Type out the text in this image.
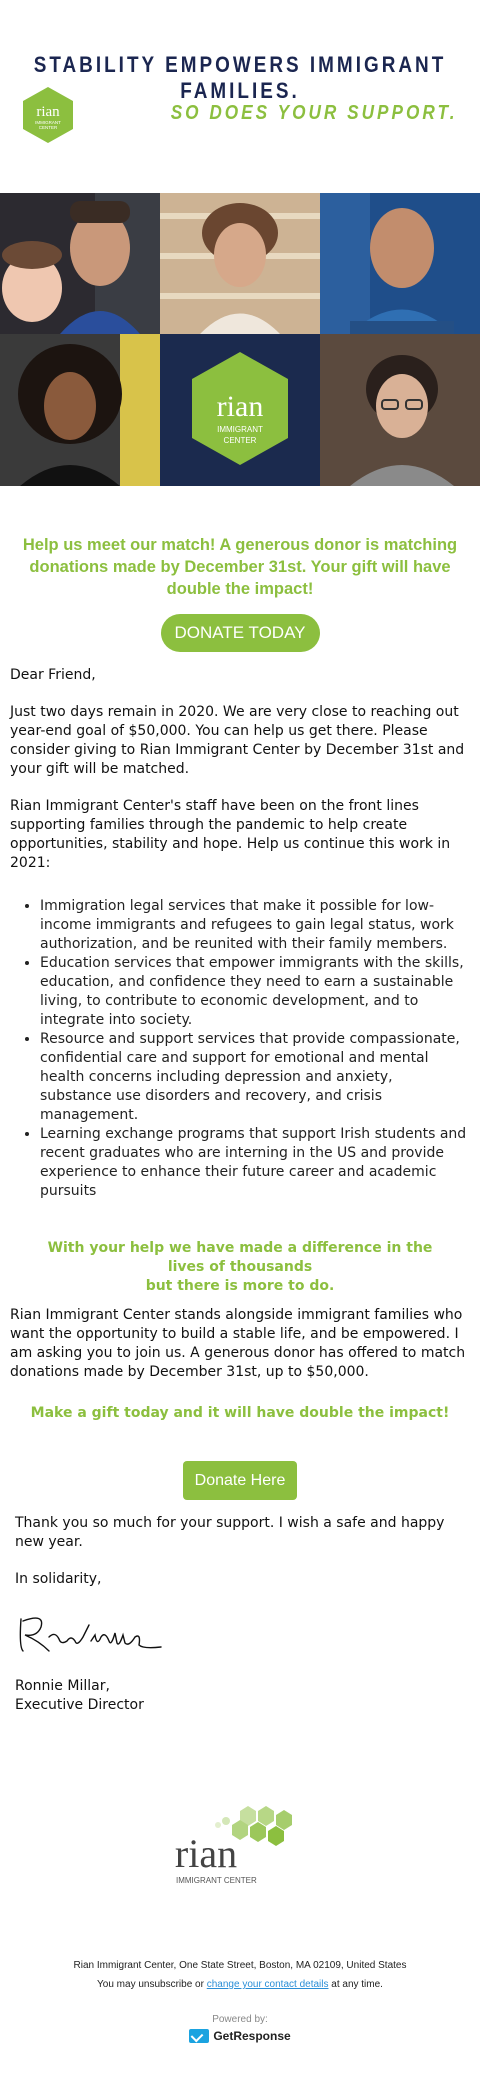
STABILITY EMPOWERS IMMIGRANT FAMILIES.
rian
IMMIGRANT
CENTER
SO DOES YOUR SUPPORT.
rian
IMMIGRANT
CENTER
Help us meet our match! A generous donor is matching donations made by December 31st. Your gift will have double the impact!
DONATE TODAY
Dear Friend,
Just two days remain in 2020. We are very close to reaching out year-end goal of $50,000. You can help us get there. Please consider giving to Rian Immigrant Center by December 31st and your gift will be matched.
Rian Immigrant Center's staff have been on the front lines supporting families through the pandemic to help create opportunities, stability and hope. Help us continue this work in 2021:
• Immigration legal services that make it possible for low-income immigrants and refugees to gain legal status, work authorization, and be reunited with their family members.
• Education services that empower immigrants with the skills, education, and confidence they need to earn a sustainable living, to contribute to economic development, and to integrate into society.
• Resource and support services that provide compassionate, confidential care and support for emotional and mental health concerns including depression and anxiety, substance use disorders and recovery, and crisis management.
• Learning exchange programs that support Irish students and recent graduates who are interning in the US and provide experience to enhance their future career and academic pursuits
With your help we have made a difference in the lives of thousands
but there is more to do.
Rian Immigrant Center stands alongside immigrant families who want the opportunity to build a stable life, and be empowered. I am asking you to join us. A generous donor has offered to match donations made by December 31st, up to $50,000.
Make a gift today and it will have double the impact!
Donate Here
Thank you so much for your support. I wish a safe and happy new year.
In solidarity,
Ronnie Millar,
Executive Director
rian
IMMIGRANT CENTER
Rian Immigrant Center, One State Street, Boston, MA 02109, United States
You may unsubscribe or change your contact details at any time.
Powered by:
GetResponse
